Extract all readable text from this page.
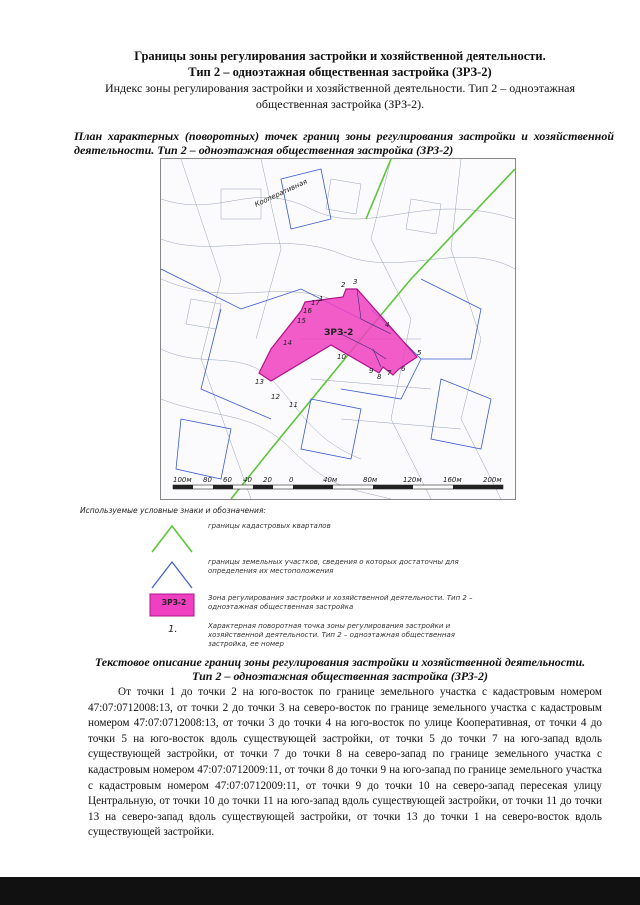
Границы зоны регулирования застройки и хозяйственной деятельности.
Тип 2 – одноэтажная общественная застройка (ЗРЗ-2)
Индекс зоны регулирования застройки и хозяйственной деятельности. Тип 2 – одноэтажная
общественная застройка (ЗРЗ-2).
План характерных (поворотных) точек границ зоны регулирования застройки и хозяйственной деятельности. Тип 2 – одноэтажная общественная застройка (ЗРЗ-2)
Кооперативная
ЗРЗ-2
1
2 3
4
5
6
7
8
9
10
11
12
13
14
15
16
17
100м 80 60 40 20 0	40м	80м	120м	160м	200м
Используемые условные знаки и обозначения:
границы кадастровых кварталов
границы земельных участков, сведения о которых достаточны для определения их местоположения
ЗРЗ-2	Зона регулирования застройки и хозяйственной деятельности. Тип 2 – одноэтажная общественная застройка
1.	Характерная поворотная точка зоны регулирования застройки и хозяйственной деятельности. Тип 2 – одноэтажная общественная застройка, ее номер
Текстовое описание границ зоны регулирования застройки и хозяйственной деятельности.
Тип 2 – одноэтажная общественная застройка (ЗРЗ-2)
От точки 1 до точки 2 на юго-восток по границе земельного участка с кадастровым номером 47:07:0712008:13, от точки 2 до точки 3 на северо-восток по границе земельного участка с кадастровым номером 47:07:0712008:13, от точки 3 до точки 4 на юго-восток по улице Кооперативная, от точки 4 до точки 5 на юго-восток вдоль существующей застройки, от точки 5 до точки 7 на юго-запад вдоль существующей застройки, от точки 7 до точки 8 на северо-запад по границе земельного участка с кадастровым номером 47:07:0712009:11, от точки 8 до точки 9 на юго-запад по границе земельного участка с кадастровым номером 47:07:0712009:11, от точки 9 до точки 10 на северо-запад пересекая улицу Центральную, от точки 10 до точки 11 на юго-запад вдоль существующей застройки, от точки 11 до точки 13 на северо-запад вдоль существующей застройки, от точки 13 до точки 1 на северо-восток вдоль существующей застройки.
